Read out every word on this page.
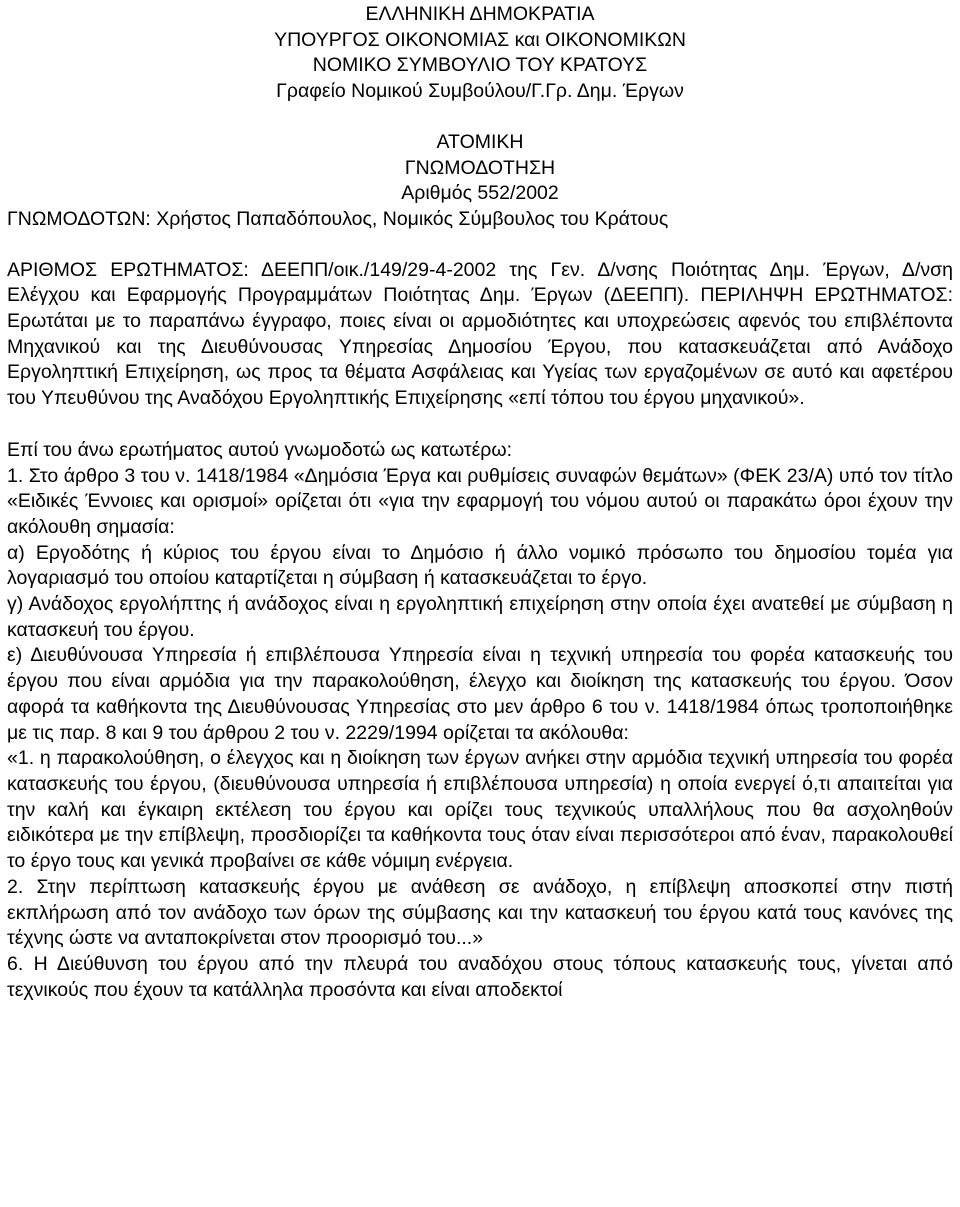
ΕΛΛΗΝΙΚΗ ΔΗΜΟΚΡΑΤΙΑ
ΥΠΟΥΡΓΟΣ ΟΙΚΟΝΟΜΙΑΣ και ΟΙΚΟΝΟΜΙΚΩΝ
ΝΟΜΙΚΟ ΣΥΜΒΟΥΛΙΟ ΤΟΥ ΚΡΑΤΟΥΣ
Γραφείο Νομικού Συμβούλου/Γ.Γρ. Δημ. Έργων
ΑΤΟΜΙΚΗ
ΓΝΩΜΟΔΟΤΗΣΗ
Αριθμός 552/2002

ΓΝΩΜΟΔΟΤΩΝ: Χρήστος Παπαδόπουλος, Νομικός Σύμβουλος του Κράτους

ΑΡΙΘΜΟΣ ΕΡΩΤΗΜΑΤΟΣ: ΔΕΕΠΠ/οικ./149/29-4-2002 της Γεν. Δ/νσης Ποιότητας Δημ. Έργων, Δ/νση Ελέγχου και Εφαρμογής Προγραμμάτων Ποιότητας Δημ. Έργων (ΔΕΕΠΠ). ΠΕΡΙΛΗΨΗ ΕΡΩΤΗΜΑΤΟΣ: Ερωτάται με το παραπάνω έγγραφο, ποιες είναι οι αρμοδιότητες και υποχρεώσεις αφενός του επιβλέποντα Μηχανικού και της Διευθύνουσας Υπηρεσίας Δημοσίου Έργου, που κατασκευάζεται από Ανάδοχο Εργοληπτική Επιχείρηση, ως προς τα θέματα Ασφάλειας και Υγείας των εργαζομένων σε αυτό και αφετέρου του Υπευθύνου της Αναδόχου Εργοληπτικής Επιχείρησης «επί τόπου του έργου μηχανικού».

Επί του άνω ερωτήματος αυτού γνωμοδοτώ ως κατωτέρω:

1. Στο άρθρο 3 του ν. 1418/1984 «Δημόσια Έργα και ρυθμίσεις συναφών θεμάτων» (ΦΕΚ 23/Α) υπό τον τίτλο «Ειδικές Έννοιες και ορισμοί» ορίζεται ότι «για την εφαρμογή του νόμου αυτού οι παρακάτω όροι έχουν την ακόλουθη σημασία:

α) Εργοδότης ή κύριος του έργου είναι το Δημόσιο ή άλλο νομικό πρόσωπο του δημοσίου τομέα για λογαριασμό του οποίου καταρτίζεται η σύμβαση ή κατασκευάζεται το έργο.

γ) Ανάδοχος εργολήπτης ή ανάδοχος είναι η εργοληπτική επιχείρηση στην οποία έχει ανατεθεί με σύμβαση η κατασκευή του έργου.

ε) Διευθύνουσα Υπηρεσία ή επιβλέπουσα Υπηρεσία είναι η τεχνική υπηρεσία του φορέα κατασκευής του έργου που είναι αρμόδια για την παρακολούθηση, έλεγχο και διοίκηση της κατασκευής του έργου. Όσον αφορά τα καθήκοντα της Διευθύνουσας Υπηρεσίας στο μεν άρθρο 6 του ν. 1418/1984 όπως τροποποιήθηκε με τις παρ. 8 και 9 του άρθρου 2 του ν. 2229/1994 ορίζεται τα ακόλουθα:

«1. η παρακολούθηση, ο έλεγχος και η διοίκηση των έργων ανήκει στην αρμόδια τεχνική υπηρεσία του φορέα κατασκευής του έργου, (διευθύνουσα υπηρεσία ή επιβλέπουσα υπηρεσία) η οποία ενεργεί ό,τι απαιτείται για την καλή και έγκαιρη εκτέλεση του έργου και ορίζει τους τεχνικούς υπαλλήλους που θα ασχοληθούν ειδικότερα με την επίβλεψη, προσδιορίζει τα καθήκοντα τους όταν είναι περισσότεροι από έναν, παρακολουθεί το έργο τους και γενικά προβαίνει σε κάθε νόμιμη ενέργεια.

2. Στην περίπτωση κατασκευής έργου με ανάθεση σε ανάδοχο, η επίβλεψη αποσκοπεί στην πιστή εκπλήρωση από τον ανάδοχο των όρων της σύμβασης και την κατασκευή του έργου κατά τους κανόνες της τέχνης ώστε να ανταποκρίνεται στον προορισμό του...»

6. Η Διεύθυνση του έργου από την πλευρά του αναδόχου στους τόπους κατασκευής τους, γίνεται από τεχνικούς που έχουν τα κατάλληλα προσόντα και είναι αποδεκτοί
